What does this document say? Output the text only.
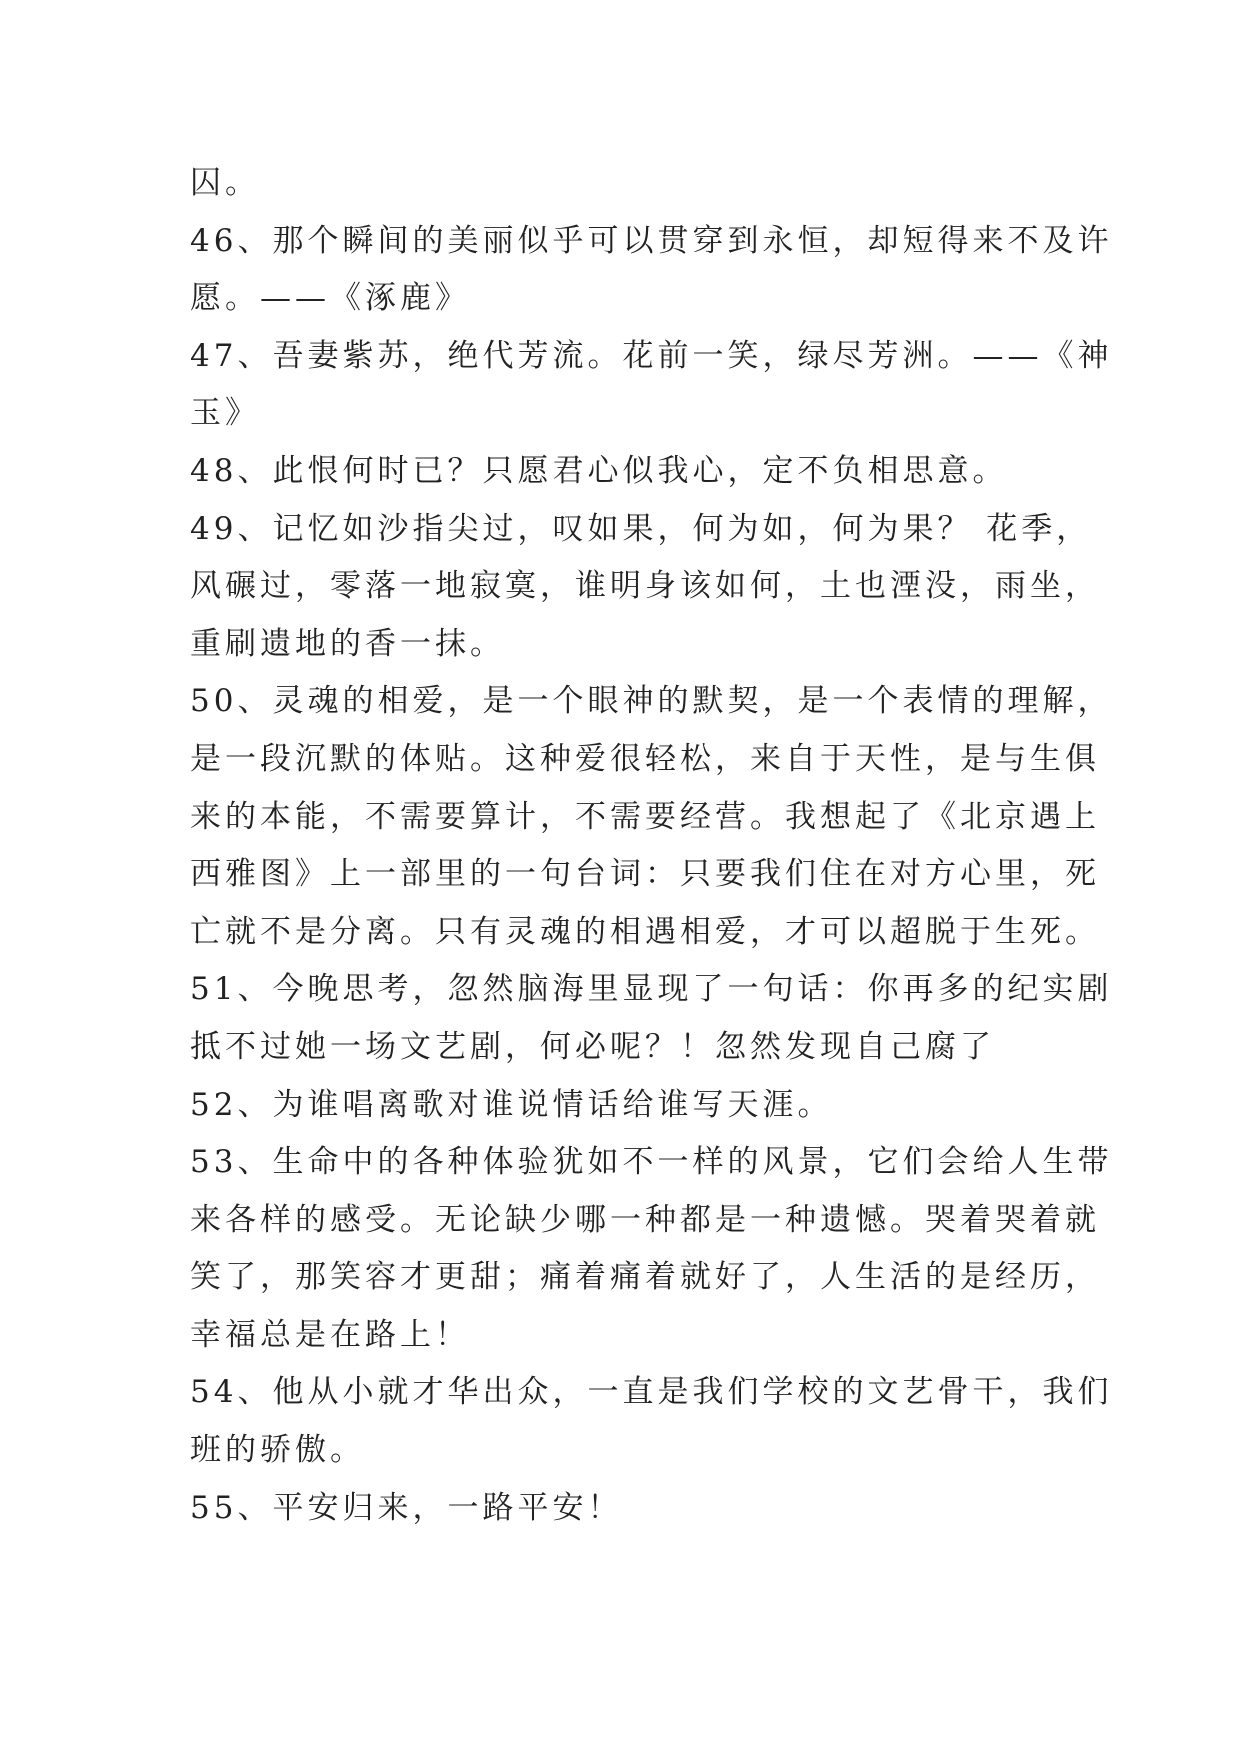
囚。
46、那个瞬间的美丽似乎可以贯穿到永恒，却短得来不及许
愿。——《涿鹿》
47、吾妻紫苏，绝代芳流。花前一笑，绿尽芳洲。——《神
玉》
48、此恨何时已？只愿君心似我心，定不负相思意。
49、记忆如沙指尖过，叹如果，何为如，何为果？ 花季，
风碾过，零落一地寂寞，谁明身该如何，土也湮没，雨坐，
重刷遗地的香一抹。
50、灵魂的相爱，是一个眼神的默契，是一个表情的理解，
是一段沉默的体贴。这种爱很轻松，来自于天性，是与生俱
来的本能，不需要算计，不需要经营。我想起了《北京遇上
西雅图》上一部里的一句台词：只要我们住在对方心里，死
亡就不是分离。只有灵魂的相遇相爱，才可以超脱于生死。
51、今晚思考，忽然脑海里显现了一句话：你再多的纪实剧
抵不过她一场文艺剧，何必呢？！忽然发现自己腐了
52、为谁唱离歌对谁说情话给谁写天涯。
53、生命中的各种体验犹如不一样的风景，它们会给人生带
来各样的感受。无论缺少哪一种都是一种遗憾。哭着哭着就
笑了，那笑容才更甜；痛着痛着就好了，人生活的是经历，
幸福总是在路上！
54、他从小就才华出众，一直是我们学校的文艺骨干，我们
班的骄傲。
55、平安归来，一路平安！
